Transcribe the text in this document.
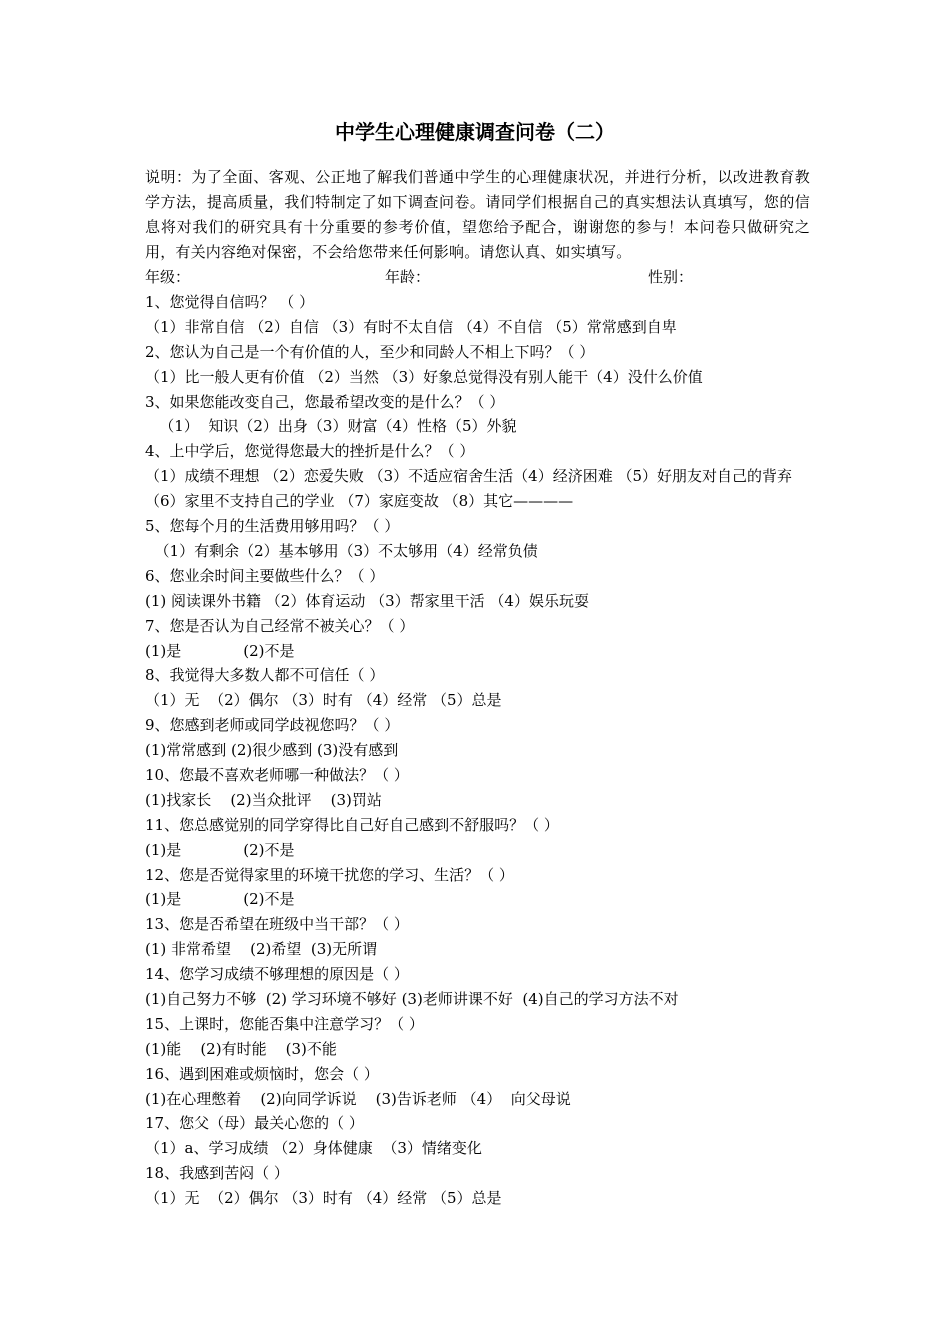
中学生心理健康调查问卷（二）
说明：为了全面、客观、公正地了解我们普通中学生的心理健康状况，并进行分析，以改进教育教学方法，提高质量，我们特制定了如下调查问卷。请同学们根据自己的真实想法认真填写，您的信息将对我们的研究具有十分重要的参考价值，望您给予配合，谢谢您的参与！本问卷只做研究之用，有关内容绝对保密，不会给您带来任何影响。请您认真、如实填写。
年级：	年龄：	性别：
1、您觉得自信吗？ （ ）
（1）非常自信 （2）自信 （3）有时不太自信 （4）不自信 （5）常常感到自卑
2、您认为自己是一个有价值的人，至少和同龄人不相上下吗？（ ）
（1）比一般人更有价值 （2）当然 （3）好象总觉得没有别人能干（4）没什么价值
3、如果您能改变自己，您最希望改变的是什么？（ ）
（1）  知识（2）出身（3）财富（4）性格（5）外貌
4、上中学后，您觉得您最大的挫折是什么？（ ）
（1）成绩不理想 （2）恋爱失败 （3）不适应宿舍生活（4）经济困难 （5）好朋友对自己的背弃（6）家里不支持自己的学业 （7）家庭变故 （8）其它————
5、您每个月的生活费用够用吗？（ ）
（1）有剩余（2）基本够用（3）不太够用（4）经常负债
6、您业余时间主要做些什么？（ ）
(1) 阅读课外书籍 （2）体育运动 （3）帮家里干活 （4）娱乐玩耍
7、您是否认为自己经常不被关心？（ ）
(1)是             (2)不是
8、我觉得大多数人都不可信任（ ）
（1）无  （2）偶尔 （3）时有 （4）经常 （5）总是
9、您感到老师或同学歧视您吗？（ ）
(1)常常感到 (2)很少感到 (3)没有感到
10、您最不喜欢老师哪一种做法？（ ）
(1)找家长    (2)当众批评    (3)罚站
11、您总感觉别的同学穿得比自己好自己感到不舒服吗？（ ）
(1)是             (2)不是
12、您是否觉得家里的环境干扰您的学习、生活？（ ）
(1)是             (2)不是
13、您是否希望在班级中当干部？（ ）
(1) 非常希望    (2)希望  (3)无所谓
14、您学习成绩不够理想的原因是（ ）
(1)自己努力不够  (2) 学习环境不够好 (3)老师讲课不好  (4)自己的学习方法不对
15、上课时，您能否集中注意学习？（ ）
(1)能    (2)有时能    (3)不能
16、遇到困难或烦恼时，您会（ ）
(1)在心理憋着    (2)向同学诉说    (3)告诉老师 （4）  向父母说
17、您父（母）最关心您的（ ）
（1）a、学习成绩 （2）身体健康  （3）情绪变化
18、我感到苦闷（ ）
（1）无  （2）偶尔 （3）时有 （4）经常 （5）总是
